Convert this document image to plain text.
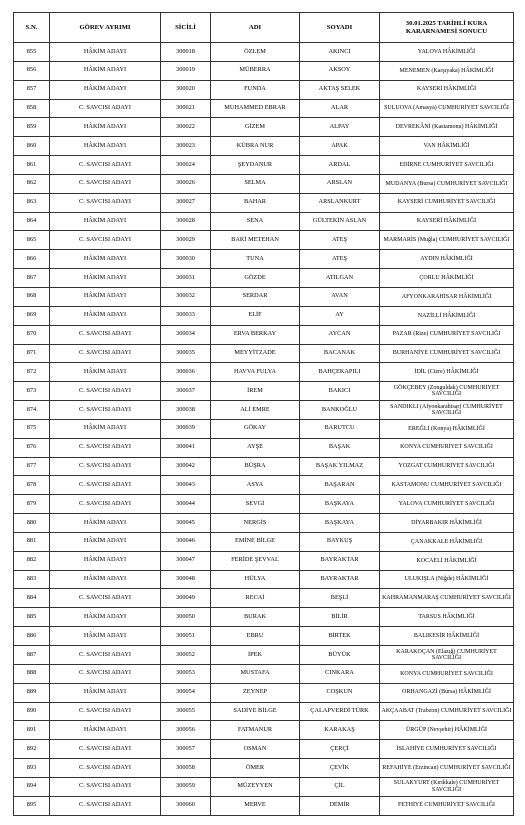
S.N.	GÖREV AYRIMI	SİCİLİ	ADI	SOYADI	30.01.2025 TARİHLİ KURA KARARNAMESİ SONUCU
855	HÂKİM ADAYI	300018	ÖZLEM	AKINCI	YALOVA HÂKİMLİĞİ
856	HÂKİM ADAYI	300019	MÜBERRA	AKSOY	MENEMEN (Karşıyaka) HÂKİMLİĞİ
857	HÂKİM ADAYI	300020	FUNDA	AKTAŞ SELEK	KAYSERİ HÂKİMLİĞİ
858	C. SAVCISI ADAYI	300021	MUHAMMED EBRAR	ALAR	SULUOVA (Amasya) CUMHURİYET SAVCILIĞI
859	HÂKİM ADAYI	300022	GİZEM	ALPAY	DEVREKÂNİ (Kastamonu) HÂKİMLİĞİ
860	HÂKİM ADAYI	300023	KÜBRA NUR	APAK	VAN HÂKİMLİĞİ
861	C. SAVCISI ADAYI	300024	ŞEYDANUR	ARDAL	EDİRNE CUMHURİYET SAVCILIĞI
862	C. SAVCISI ADAYI	300026	SELMA	ARSLAN	MUDANYA (Bursa) CUMHURİYET SAVCILIĞI
863	C. SAVCISI ADAYI	300027	BAHAR	ARSLANKURT	KAYSERİ CUMHURİYET SAVCILIĞI
864	HÂKİM ADAYI	300028	SENA	GÜLTEKİN ASLAN	KAYSERİ HÂKİMLİĞİ
865	C. SAVCISI ADAYI	300029	BAKİ METEHAN	ATEŞ	MARMARİS (Muğla) CUMHURİYET SAVCILIĞI
866	HÂKİM ADAYI	300030	TUNA	ATEŞ	AYDIN HÂKİMLİĞİ
867	HÂKİM ADAYI	300031	GÖZDE	ATILGAN	ÇORLU HÂKİMLİĞİ
868	HÂKİM ADAYI	300032	SERDAR	AVAN	AFYONKARAHİSAR HÂKİMLİĞİ
869	HÂKİM ADAYI	300033	ELİF	AY	NAZİLLİ HÂKİMLİĞİ
870	C. SAVCISI ADAYI	300034	ERVA BERKAY	AYCAN	PAZAR (Rize) CUMHURİYET SAVCILIĞI
871	C. SAVCISI ADAYI	300035	MEYYİTZADE	BACANAK	BURHANİYE CUMHURİYET SAVCILIĞI
872	HÂKİM ADAYI	300036	HAVVA FULYA	BAHÇEKAPILI	İDİL (Cizre) HÂKİMLİĞİ
873	C. SAVCISI ADAYI	300037	İREM	BAKICI	GÖKÇEBEY (Zonguldak) CUMHURİYET SAVCILIĞI
874	C. SAVCISI ADAYI	300038	ALİ EMRE	BANKOĞLU	SANDIKLI (Afyonkarahisar) CUMHURİYET SAVCILIĞI
875	HÂKİM ADAYI	300039	GÖKAY	BARUTCU	EREĞLİ (Konya) HÂKİMLİĞİ
876	C. SAVCISI ADAYI	300041	AYŞE	BAŞAK	KONYA CUMHURİYET SAVCILIĞI
877	C. SAVCISI ADAYI	300042	BÜŞRA	BAŞAK YILMAZ	YOZGAT CUMHURİYET SAVCILIĞI
878	C. SAVCISI ADAYI	300043	ASYA	BAŞARAN	KASTAMONU CUMHURİYET SAVCILIĞI
879	C. SAVCISI ADAYI	300044	SEVGİ	BAŞKAYA	YALOVA CUMHURİYET SAVCILIĞI
880	HÂKİM ADAYI	300045	NERGİS	BAŞKAYA	DİYARBAKIR HÂKİMLİĞİ
881	HÂKİM ADAYI	300046	EMİNE BİLGE	BAYKUŞ	ÇANAKKALE HÂKİMLİĞİ
882	HÂKİM ADAYI	300047	FERİDE ŞEVVAL	BAYRAKTAR	KOCAELİ HÂKİMLİĞİ
883	HÂKİM ADAYI	300048	HÜLYA	BAYRAKTAR	ULUKIŞLA (Niğde) HÂKİMLİĞİ
884	C. SAVCISI ADAYI	300049	RECAİ	BEŞLİ	KAHRAMANMARAŞ CUMHURİYET SAVCILIĞI
885	HÂKİM ADAYI	300050	BURAK	BİLİR	TARSUS HÂKİMLİĞİ
886	HÂKİM ADAYI	300051	EBRU	BİRTEK	BALIKESİR HÂKİMLİĞİ
887	C. SAVCISI ADAYI	300052	İPEK	BÜYÜK	KARAKOÇAN (Elazığ) CUMHURİYET SAVCILIĞI
888	C. SAVCISI ADAYI	300053	MUSTAFA	CINKARA	KONYA CUMHURİYET SAVCILIĞI
889	HÂKİM ADAYI	300054	ZEYNEP	COŞKUN	ORHANGAZİ (Bursa) HÂKİMLİĞİ
890	C. SAVCISI ADAYI	300055	SADİYE BİLGE	ÇALAPVERDİ TÜRK	AKÇAABAT (Trabzon) CUMHURİYET SAVCILIĞI
891	HÂKİM ADAYI	300056	FATMANUR	KARAKAŞ	ÜRGÜP (Nevşehir) HÂKİMLİĞİ
892	C. SAVCISI ADAYI	300057	OSMAN	ÇERÇİ	İSLAHİYE CUMHURİYET SAVCILIĞI
893	C. SAVCISI ADAYI	300058	ÖMER	ÇEVİK	REFAHİYE (Erzincan) CUMHURİYET SAVCILIĞI
894	C. SAVCISI ADAYI	300059	MÜZEYYEN	ÇİL	SULAKYURT (Kırıkkale) CUMHURİYET SAVCILIĞI
895	C. SAVCISI ADAYI	300060	MERVE	DEMİR	FETHİYE CUMHURİYET SAVCILIĞI
